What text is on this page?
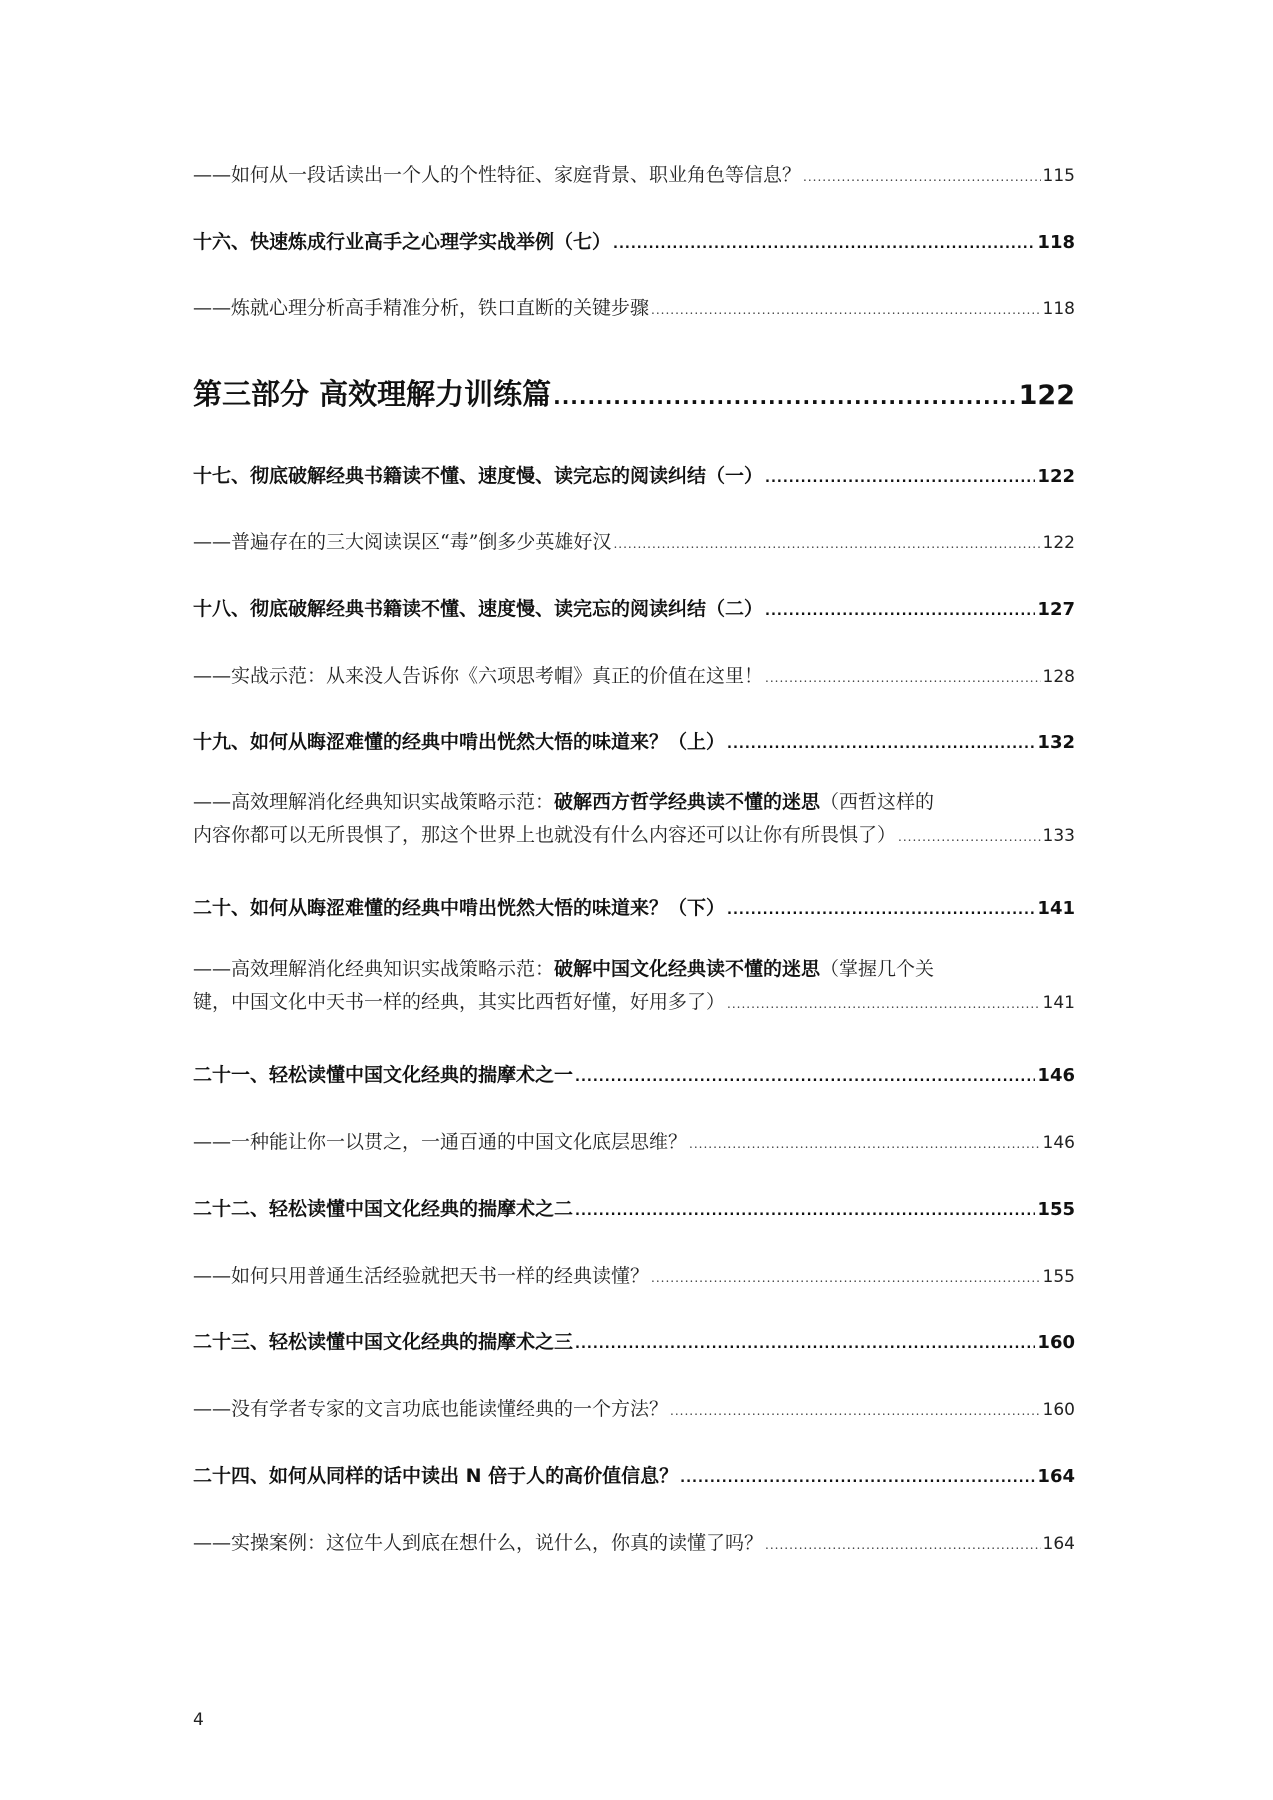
——如何从一段话读出一个人的个性特征、家庭背景、职业角色等信息？ .....	115
十六、快速炼成行业高手之心理学实战举例（七） .....	118
——炼就心理分析高手精准分析，铁口直断的关键步骤 .....	118
第三部分 高效理解力训练篇 .....	122
十七、彻底破解经典书籍读不懂、速度慢、读完忘的阅读纠结（一） .....	122
——普遍存在的三大阅读误区“毒”倒多少英雄好汉 .....	122
十八、彻底破解经典书籍读不懂、速度慢、读完忘的阅读纠结（二） .....	127
——实战示范：从来没人告诉你《六项思考帽》真正的价值在这里！ .....	128
十九、如何从晦涩难懂的经典中啃出恍然大悟的味道来？（上） .....	132
——高效理解消化经典知识实战策略示范：破解西方哲学经典读不懂的迷思（西哲这样的
内容你都可以无所畏惧了，那这个世界上也就没有什么内容还可以让你有所畏惧了） .....	133
二十、如何从晦涩难懂的经典中啃出恍然大悟的味道来？（下） .....	141
——高效理解消化经典知识实战策略示范：破解中国文化经典读不懂的迷思（掌握几个关
键，中国文化中天书一样的经典，其实比西哲好懂，好用多了） .....	141
二十一、轻松读懂中国文化经典的揣摩术之一 .....	146
——一种能让你一以贯之，一通百通的中国文化底层思维？ .....	146
二十二、轻松读懂中国文化经典的揣摩术之二 .....	155
——如何只用普通生活经验就把天书一样的经典读懂？ .....	155
二十三、轻松读懂中国文化经典的揣摩术之三 .....	160
——没有学者专家的文言功底也能读懂经典的一个方法？ .....	160
二十四、如何从同样的话中读出 N 倍于人的高价值信息？ .....	164
——实操案例：这位牛人到底在想什么，说什么，你真的读懂了吗？ .....	164
4
